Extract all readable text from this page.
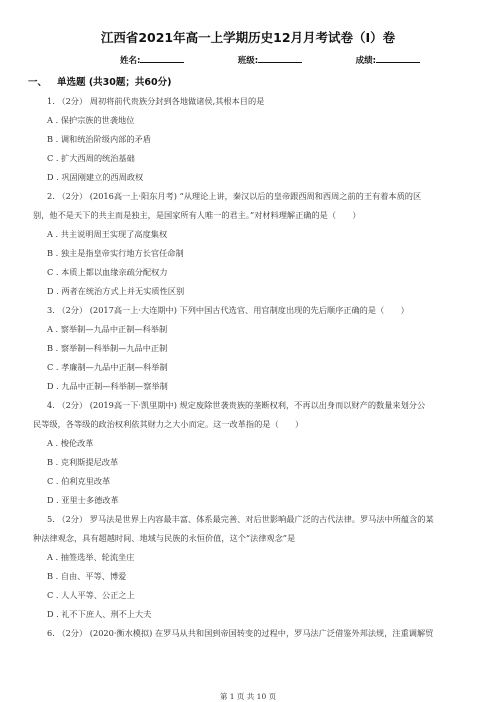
江西省2021年高一上学期历史12月月考试卷（I）卷
姓名:	班级:	成绩:
一、 单选题 (共30题；共60分)
1. （2分） 周初将前代贵族分封到各地做诸侯,其根本目的是
A . 保护宗族的世袭地位
B . 调和统治阶级内部的矛盾
C . 扩大西周的统治基础
D . 巩固刚建立的西周政权
2. （2分） (2016高一上·阳东月考) “从理论上讲，秦汉以后的皇帝跟西周和西周之前的王有着本质的区
别，他不是天下的共主而是独主，是国家所有人唯一的君主。”对材料理解正确的是（　　）
A . 共主说明周王实现了高度集权
B . 独主是指皇帝实行地方长官任命制
C . 本质上都以血缘亲疏分配权力
D . 两者在统治方式上并无实质性区别
3. （2分） (2017高一上·大连期中) 下列中国古代选官、用官制度出现的先后顺序正确的是（　　）
A . 察举制—九品中正制—科举制
B . 察举制—科举制—九品中正制
C . 孝廉制—九品中正制—科举制
D . 九品中正制—科举制—察举制
4. （2分） (2019高一下·凯里期中) 规定废除世袭贵族的垄断权利，不再以出身而以财产的数量来划分公
民等级，各等级的政治权利依其财力之大小而定。这一改革指的是（　　）
A . 梭伦改革
B . 克利斯提尼改革
C . 伯利克里改革
D . 亚里士多德改革
5. （2分） 罗马法是世界上内容最丰富、体系最完善、对后世影响最广泛的古代法律。罗马法中所蕴含的某
种法律观念，具有超越时间、地域与民族的永恒价值，这个“法律观念”是
A . 抽签选举、轮流坐庄
B . 自由、平等、博爱
C . 人人平等、公正之上
D . 礼不下庶人、刑不上大夫
6. （2分） (2020·衡水模拟) 在罗马从共和国到帝国转变的过程中，罗马法广泛借鉴外邦法规，注重调解贸
第 1 页 共 10 页
